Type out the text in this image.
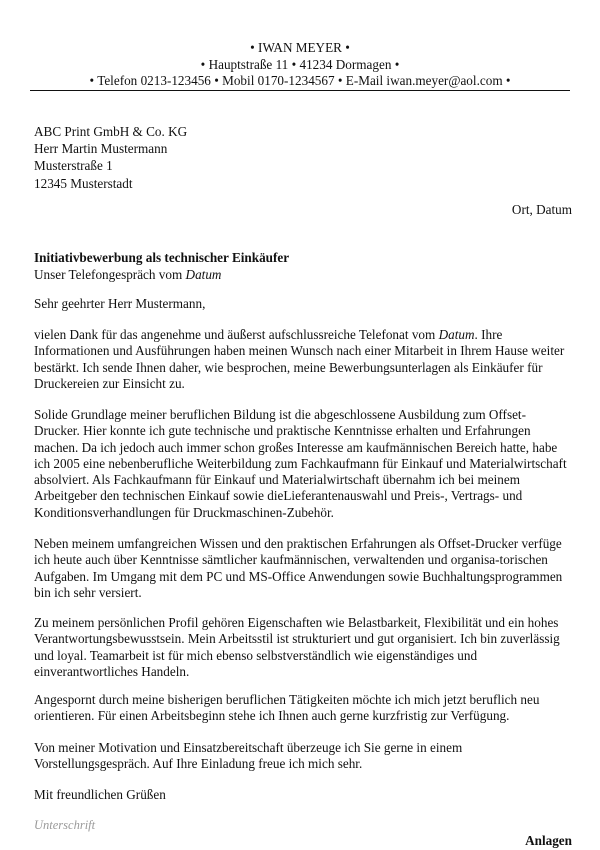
• IWAN MEYER •
• Hauptstraße 11 • 41234 Dormagen •
• Telefon 0213-123456 • Mobil 0170-1234567 • E-Mail iwan.meyer@aol.com •
ABC Print GmbH & Co. KG
Herr Martin Mustermann
Musterstraße 1
12345 Musterstadt
Ort, Datum
Initiativbewerbung als technischer Einkäufer
Unser Telefongespräch vom Datum
Sehr geehrter Herr Mustermann,

vielen Dank für das angenehme und äußerst aufschlussreiche Telefonat vom Datum. Ihre Informationen und Ausführungen haben meinen Wunsch nach einer Mitarbeit in Ihrem Hause weiter bestärkt. Ich sende Ihnen daher, wie besprochen, meine Bewerbungsunterlagen als Einkäufer für Druckereien zur Einsicht zu.

Solide Grundlage meiner beruflichen Bildung ist die abgeschlossene Ausbildung zum Offset-Drucker. Hier konnte ich gute technische und praktische Kenntnisse erhalten und Erfahrungen machen. Da ich jedoch auch immer schon großes Interesse am kaufmännischen Bereich hatte, habe ich 2005 eine nebenberufliche Weiterbildung zum Fachkaufmann für Einkauf und Materialwirtschaft absolviert. Als Fachkaufmann für Einkauf und Materialwirtschaft übernahm ich bei meinem Arbeitgeber den technischen Einkauf sowie dieLieferantenauswahl und Preis-, Vertrags- und Konditionsverhandlungen für Druckmaschinen-Zubehör.

Neben meinem umfangreichen Wissen und den praktischen Erfahrungen als Offset-Drucker verfüge ich heute auch über Kenntnisse sämtlicher kaufmännischen, verwaltenden und organisa-torischen Aufgaben. Im Umgang mit dem PC und MS-Office Anwendungen sowie Buchhaltungsprogrammen bin ich sehr versiert.

Zu meinem persönlichen Profil gehören Eigenschaften wie Belastbarkeit, Flexibilität und ein hohes Verantwortungsbewusstsein. Mein Arbeitsstil ist strukturiert und gut organisiert. Ich bin zuverlässig und loyal. Teamarbeit ist für mich ebenso selbstverständlich wie eigenständiges und einverantwortliches Handeln.

Angespornt durch meine bisherigen beruflichen Tätigkeiten möchte ich mich jetzt beruflich neu orientieren. Für einen Arbeitsbeginn stehe ich Ihnen auch gerne kurzfristig zur Verfügung.

Von meiner Motivation und Einsatzbereitschaft überzeuge ich Sie gerne in einem Vorstellungsgespräch. Auf Ihre Einladung freue ich mich sehr.

Mit freundlichen Grüßen
Unterschrift
Anlagen
